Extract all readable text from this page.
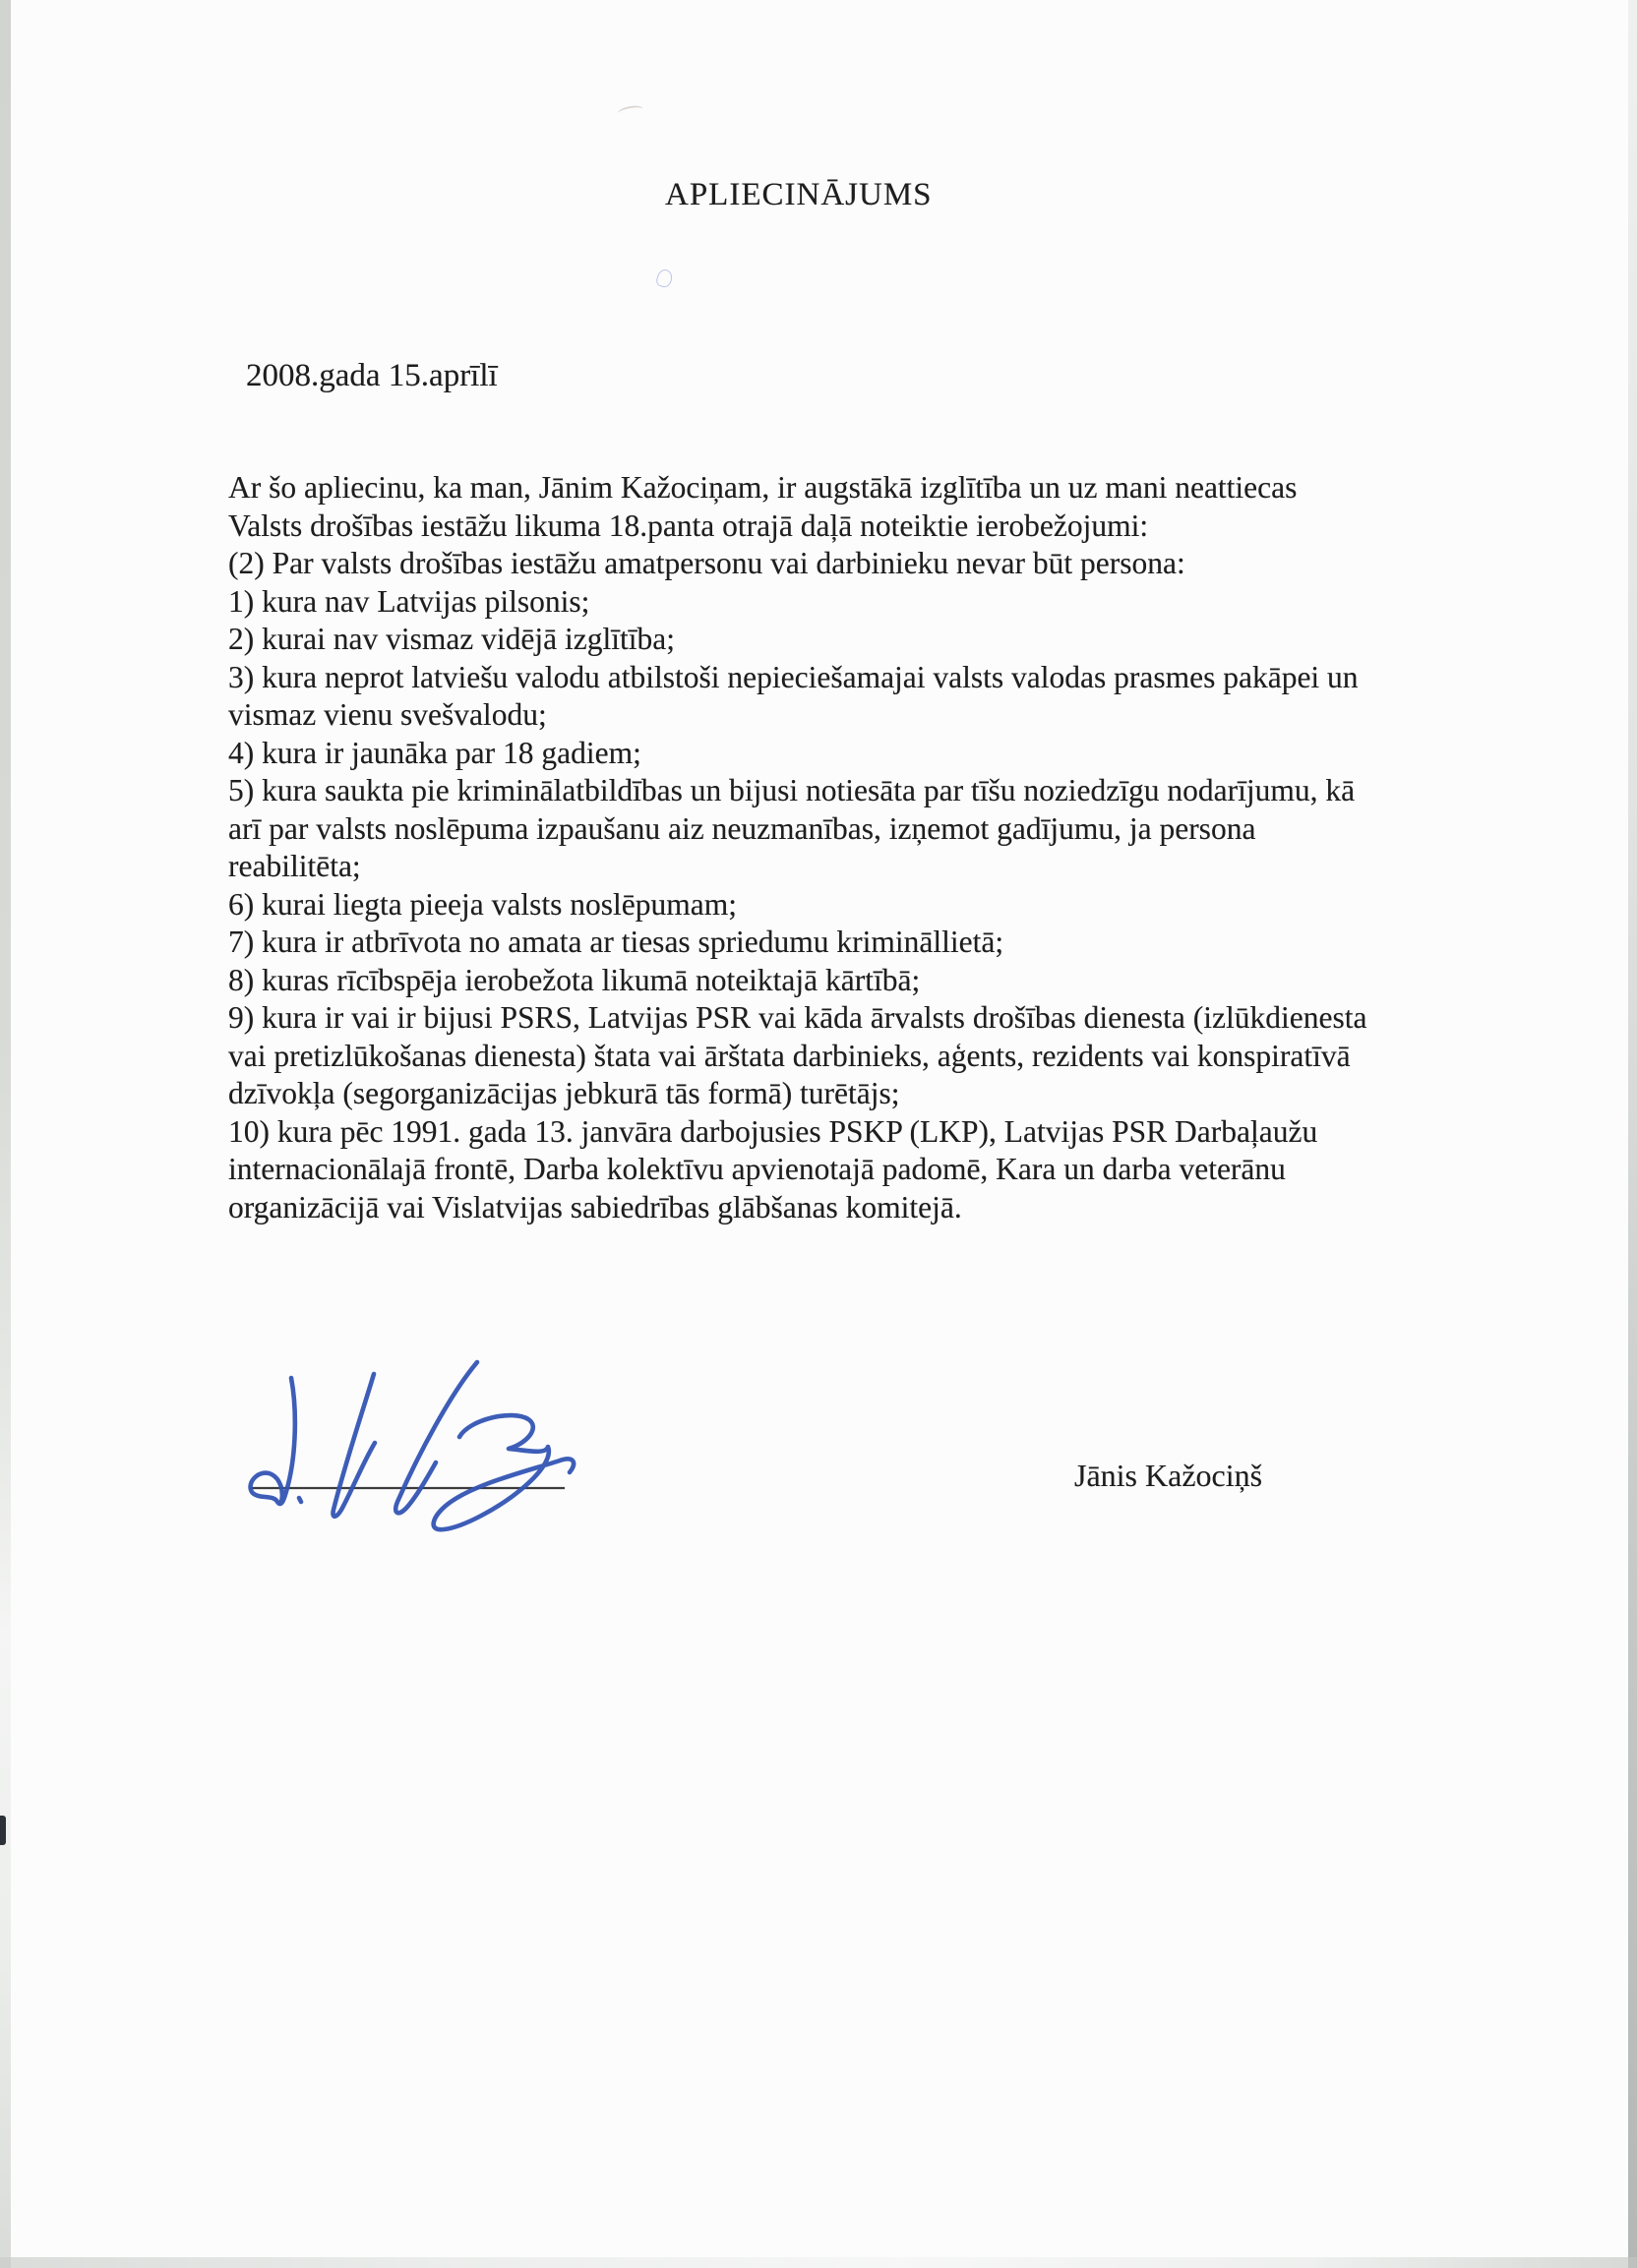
APLIECINĀJUMS
2008.gada 15.aprīlī
Ar šo apliecinu, ka man, Jānim Kažociņam, ir augstākā izglītība un uz mani neattiecas
Valsts drošības iestāžu likuma 18.panta otrajā daļā noteiktie ierobežojumi:
(2) Par valsts drošības iestāžu amatpersonu vai darbinieku nevar būt persona:
1) kura nav Latvijas pilsonis;
2) kurai nav vismaz vidējā izglītība;
3) kura neprot latviešu valodu atbilstoši nepieciešamajai valsts valodas prasmes pakāpei un
vismaz vienu svešvalodu;
4) kura ir jaunāka par 18 gadiem;
5) kura saukta pie kriminālatbildības un bijusi notiesāta par tīšu noziedzīgu nodarījumu, kā
arī par valsts noslēpuma izpaušanu aiz neuzmanības, izņemot gadījumu, ja persona
reabilitēta;
6) kurai liegta pieeja valsts noslēpumam;
7) kura ir atbrīvota no amata ar tiesas spriedumu krimināllietā;
8) kuras rīcībspēja ierobežota likumā noteiktajā kārtībā;
9) kura ir vai ir bijusi PSRS, Latvijas PSR vai kāda ārvalsts drošības dienesta (izlūkdienesta
vai pretizlūkošanas dienesta) štata vai ārštata darbinieks, aģents, rezidents vai konspiratīvā
dzīvokļa (segorganizācijas jebkurā tās formā) turētājs;
10) kura pēc 1991. gada 13. janvāra darbojusies PSKP (LKP), Latvijas PSR Darbaļaužu
internacionālajā frontē, Darba kolektīvu apvienotajā padomē, Kara un darba veterānu
organizācijā vai Vislatvijas sabiedrības glābšanas komitejā.
Jānis Kažociņš
